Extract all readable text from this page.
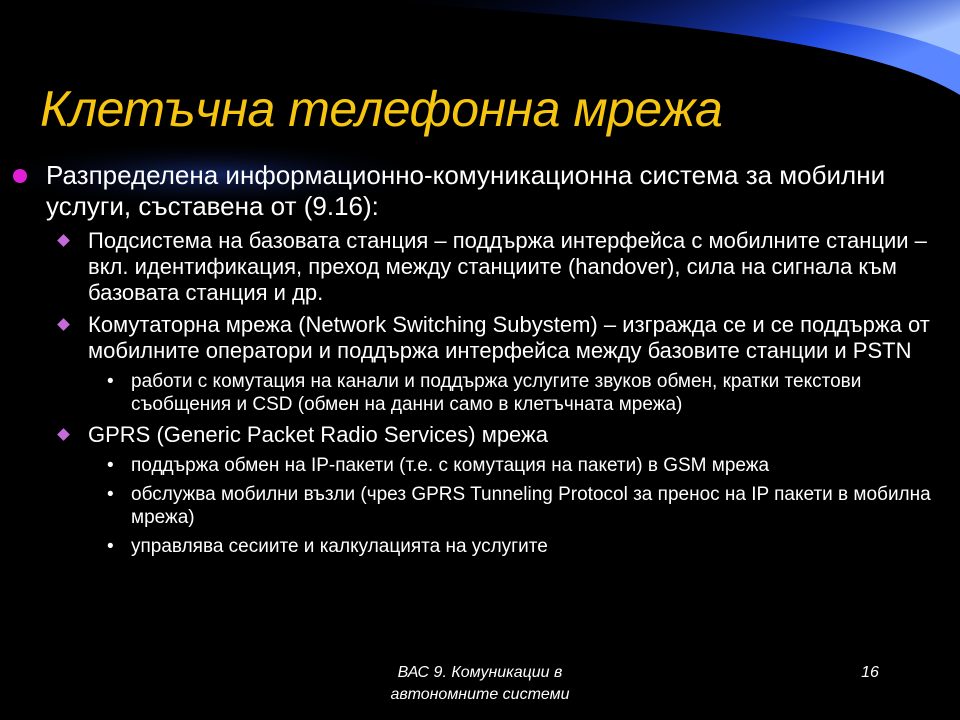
Клетъчна телефонна мрежа
Разпределена информационно-комуникационна система за мобилни услуги, съставена от (9.16):
Подсистема на базовата станция – поддържа интерфейса с мобилните станции – вкл. идентификация, преход между станциите (handover), сила на сигнала към базовата станция и др.
Комутаторна мрежа (Network Switching Subystem) – изгражда се и се поддържа от мобилните оператори и поддържа интерфейса между базовите станции и PSTN
• работи с комутация на канали и поддържа услугите звуков обмен, кратки текстови съобщения и CSD (обмен на данни само в клетъчната мрежа)
GPRS (Generic Packet Radio Services) мрежа
• поддържа обмен на IP-пакети (т.е. с комутация на пакети) в GSM мрежа
• обслужва мобилни възли (чрез GPRS Tunneling Protocol за пренос на IP пакети в мобилна мрежа)
• управлява сесиите и калкулацията на услугите
ВАС 9. Комуникации в
автономните системи
16
